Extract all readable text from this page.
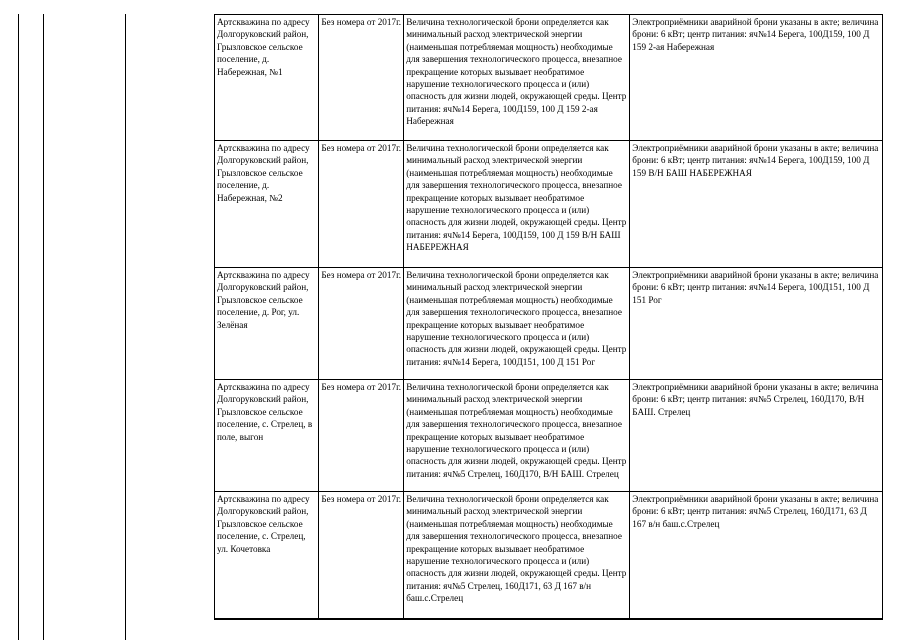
Артскважина по адресу Долгоруковский район, Грызловское сельское поселение, д. Набережная, №1	Без номера от 2017г.	Величина технологической брони определяется как минимальный расход электрической энергии (наименьшая потребляемая мощность) необходимые для завершения технологического процесса, внезапное прекращение которых вызывает необратимое нарушение технологического процесса и (или) опасность для жизни людей, окружающей среды. Центр питания: яч№14 Берега, 100Д159, 100 Д 159 2-ая Набережная	Электроприёмники аварийной брони указаны в акте; величина брони: 6 кВт; центр питания: яч№14 Берега, 100Д159, 100 Д 159 2-ая Набережная
Артскважина по адресу Долгоруковский район, Грызловское сельское поселение, д. Набережная, №2	Без номера от 2017г.	Величина технологической брони определяется как минимальный расход электрической энергии (наименьшая потребляемая мощность) необходимые для завершения технологического процесса, внезапное прекращение которых вызывает необратимое нарушение технологического процесса и (или) опасность для жизни людей, окружающей среды. Центр питания: яч№14 Берега, 100Д159, 100 Д 159 В/Н БАШ НАБЕРЕЖНАЯ	Электроприёмники аварийной брони указаны в акте; величина брони: 6 кВт; центр питания: яч№14 Берега, 100Д159, 100 Д 159 В/Н БАШ НАБЕРЕЖНАЯ
Артскважина по адресу Долгоруковский район, Грызловское сельское поселение, д. Рог, ул. Зелёная	Без номера от 2017г.	Величина технологической брони определяется как минимальный расход электрической энергии (наименьшая потребляемая мощность) необходимые для завершения технологического процесса, внезапное прекращение которых вызывает необратимое нарушение технологического процесса и (или) опасность для жизни людей, окружающей среды. Центр питания: яч№14 Берега, 100Д151, 100 Д 151 Рог	Электроприёмники аварийной брони указаны в акте; величина брони: 6 кВт; центр питания: яч№14 Берега, 100Д151, 100 Д 151 Рог
Артскважина по адресу Долгоруковский район, Грызловское сельское поселение, с. Стрелец, в поле, выгон	Без номера от 2017г.	Величина технологической брони определяется как минимальный расход электрической энергии (наименьшая потребляемая мощность) необходимые для завершения технологического процесса, внезапное прекращение которых вызывает необратимое нарушение технологического процесса и (или) опасность для жизни людей, окружающей среды. Центр питания: яч№5 Стрелец, 160Д170, В/Н БАШ. Стрелец	Электроприёмники аварийной брони указаны в акте; величина брони: 6 кВт; центр питания: яч№5 Стрелец, 160Д170, В/Н БАШ. Стрелец
Артскважина по адресу Долгоруковский район, Грызловское сельское поселение, с. Стрелец, ул. Кочетовка	Без номера от 2017г.	Величина технологической брони определяется как минимальный расход электрической энергии (наименьшая потребляемая мощность) необходимые для завершения технологического процесса, внезапное прекращение которых вызывает необратимое нарушение технологического процесса и (или) опасность для жизни людей, окружающей среды. Центр питания: яч№5 Стрелец, 160Д171, 63 Д 167 в/н баш.с.Стрелец	Электроприёмники аварийной брони указаны в акте; величина брони: 6 кВт; центр питания: яч№5 Стрелец, 160Д171, 63 Д 167 в/н баш.с.Стрелец
